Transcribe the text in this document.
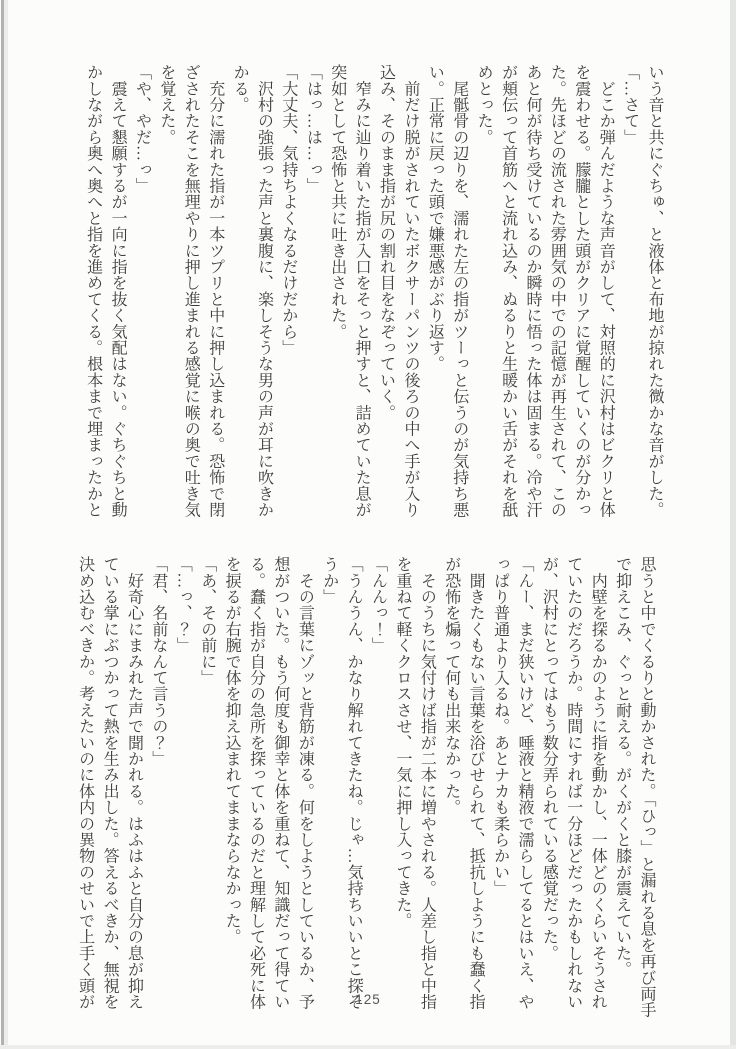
いう音と共にぐちゅ、と液体と布地が掠れた微かな音がした。

「…さて」

　どこか弾んだような声音がして、対照的に沢村はビクリと体

を震わせる。朦朧とした頭がクリアに覚醒していくのが分かっ

た。先ほどの流された雰囲気の中での記憶が再生されて、この

あと何が待ち受けているのか瞬時に悟った体は固まる。冷や汗

が頬伝って首筋へと流れ込み、ぬるりと生暖かい舌がそれを舐

めとった。

　尾骶骨の辺りを、濡れた左の指がツーっと伝うのが気持ち悪

い。正常に戻った頭で嫌悪感がぶり返す。

　前だけ脱がされていたボクサーパンツの後ろの中へ手が入り

込み、そのまま指が尻の割れ目をなぞっていく。

　窄みに辿り着いた指が入口をそっと押すと、詰めていた息が

突如として恐怖と共に吐き出された。

「はっ…は…っ」

「大丈夫、気持ちよくなるだけだから」

　沢村の強張った声と裏腹に、楽しそうな男の声が耳に吹きか

かる。

　充分に濡れた指が一本ツプリと中に押し込まれる。恐怖で閉

ざされたそこを無理やりに押し進まれる感覚に喉の奥で吐き気

を覚えた。

「や、やだ…っ」

　震えて懇願するが一向に指を抜く気配はない。ぐちぐちと動

かしながら奥へ奥へと指を進めてくる。根本まで埋まったかと

思うと中でくるりと動かされた。「ひっ」と漏れる息を再び両手

で抑えこみ、ぐっと耐える。がくがくと膝が震えていた。

　内壁を探るかのように指を動かし、一体どのくらいそうされ

ていたのだろうか。時間にすれば一分ほどだったかもしれない

が、沢村にとってはもう数分弄られている感覚だった。

「んー、まだ狭いけど、唾液と精液で濡らしてるとはいえ、や

っぱり普通より入るね。あとナカも柔らかい」

　聞きたくもない言葉を浴びせられて、抵抗しようにも蠢く指

が恐怖を煽って何も出来なかった。

　そのうちに気付けば指が二本に増やされる。人差し指と中指

を重ねて軽くクロスさせ、一気に押し入ってきた。

「んんっ！」

「うんうん、かなり解れてきたね。じゃ…気持ちいいとこ探そ

うか」

　その言葉にゾッと背筋が凍る。何をしようとしているか、予

想がついた。もう何度も御幸と体を重ねて、知識だって得てい

る。蠢く指が自分の急所を探っているのだと理解して必死に体

を捩るが右腕で体を抑え込まれてままならなかった。

「あ、その前に」

「…っ、？」

「君、名前なんて言うの？」

　好奇心にまみれた声で聞かれる。はふはふと自分の息が抑え

ている掌にぶつかって熱を生み出した。答えるべきか、無視を

決め込むべきか。考えたいのに体内の異物のせいで上手く頭が	125
